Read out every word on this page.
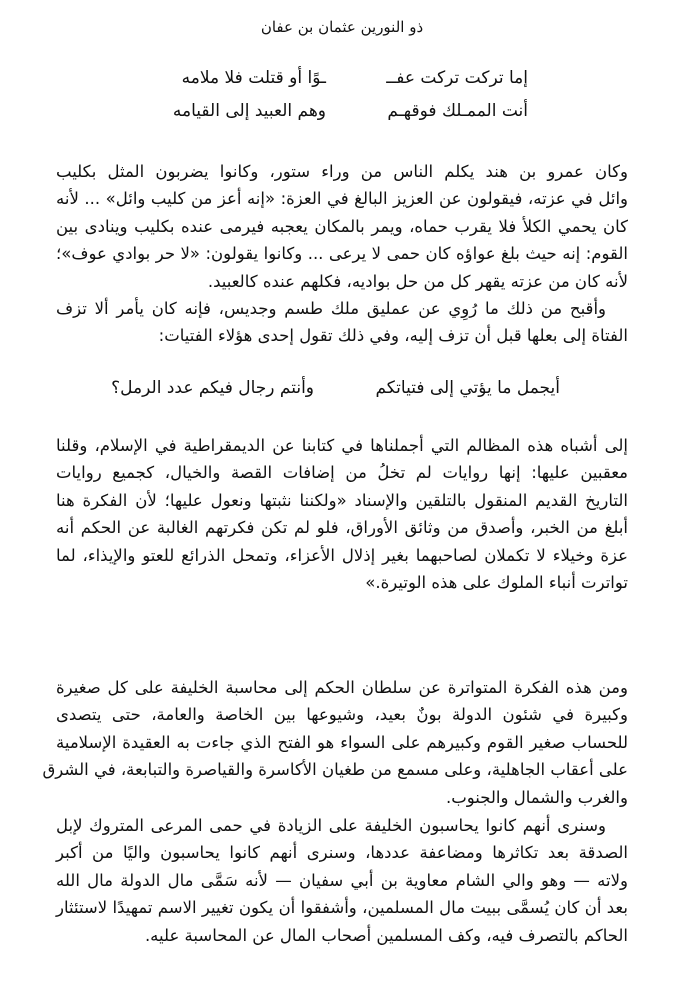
ذو النورين عثمان بن عفان
إما تركت تركت عفــ
ـوًا أو قتلت فلا ملامه
أنت الممـلك فوقهـم
وهم العبيد إلى القيامه
وكان عمرو بن هند يكلم الناس من وراء ستور، وكانوا يضربون المثل بكليب
وائل في عزته، فيقولون عن العزيز البالغ في العزة: «إنه أعز من كليب وائل» ... لأنه
كان يحمي الكلأ فلا يقرب حماه، ويمر بالمكان يعجبه فيرمى عنده بكليب وينادى بين
القوم: إنه حيث بلغ عواؤه كان حمى لا يرعى ... وكانوا يقولون: «لا حر بوادي عوف»؛
لأنه كان من عزته يقهر كل من حل بواديه، فكلهم عنده كالعبيد.
وأقبح من ذلك ما رُوِي عن عمليق ملك طسم وجديس، فإنه كان يأمر ألا تزف
الفتاة إلى بعلها قبل أن تزف إليه، وفي ذلك تقول إحدى هؤلاء الفتيات:
أيجمل ما يؤتي إلى فتياتكم
وأنتم رجال فيكم عدد الرمل؟
إلى أشباه هذه المظالم التي أجملناها في كتابنا عن الديمقراطية في الإسلام، وقلنا
معقبين عليها: إنها روايات لم تخلُ من إضافات القصة والخيال، كجميع روايات
التاريخ القديم المنقول بالتلقين والإسناد «ولكننا نثبتها ونعول عليها؛ لأن الفكرة هنا
أبلغ من الخبر، وأصدق من وثائق الأوراق، فلو لم تكن فكرتهم الغالبة عن الحكم أنه
عزة وخيلاء لا تكملان لصاحبهما بغير إذلال الأعزاء، وتمحل الذرائع للعتو والإيذاء، لما
تواترت أنباء الملوك على هذه الوتيرة.»
ومن هذه الفكرة المتواترة عن سلطان الحكم إلى محاسبة الخليفة على كل صغيرة
وكبيرة في شئون الدولة بونٌ بعيد، وشيوعها بين الخاصة والعامة، حتى يتصدى
للحساب صغير القوم وكبيرهم على السواء هو الفتح الذي جاءت به العقيدة الإسلامية
على أعقاب الجاهلية، وعلى مسمع من طغيان الأكاسرة والقياصرة والتبابعة، في الشرق
والغرب والشمال والجنوب.
وسنرى أنهم كانوا يحاسبون الخليفة على الزيادة في حمى المرعى المتروك لإبل
الصدقة بعد تكاثرها ومضاعفة عددها، وسنرى أنهم كانوا يحاسبون واليًا من أكبر
ولاته — وهو والي الشام معاوية بن أبي سفيان — لأنه سَمَّى مال الدولة مال الله
بعد أن كان يُسمَّى ببيت مال المسلمين، وأشفقوا أن يكون تغيير الاسم تمهيدًا لاستئثار
الحاكم بالتصرف فيه، وكف المسلمين أصحاب المال عن المحاسبة عليه.
